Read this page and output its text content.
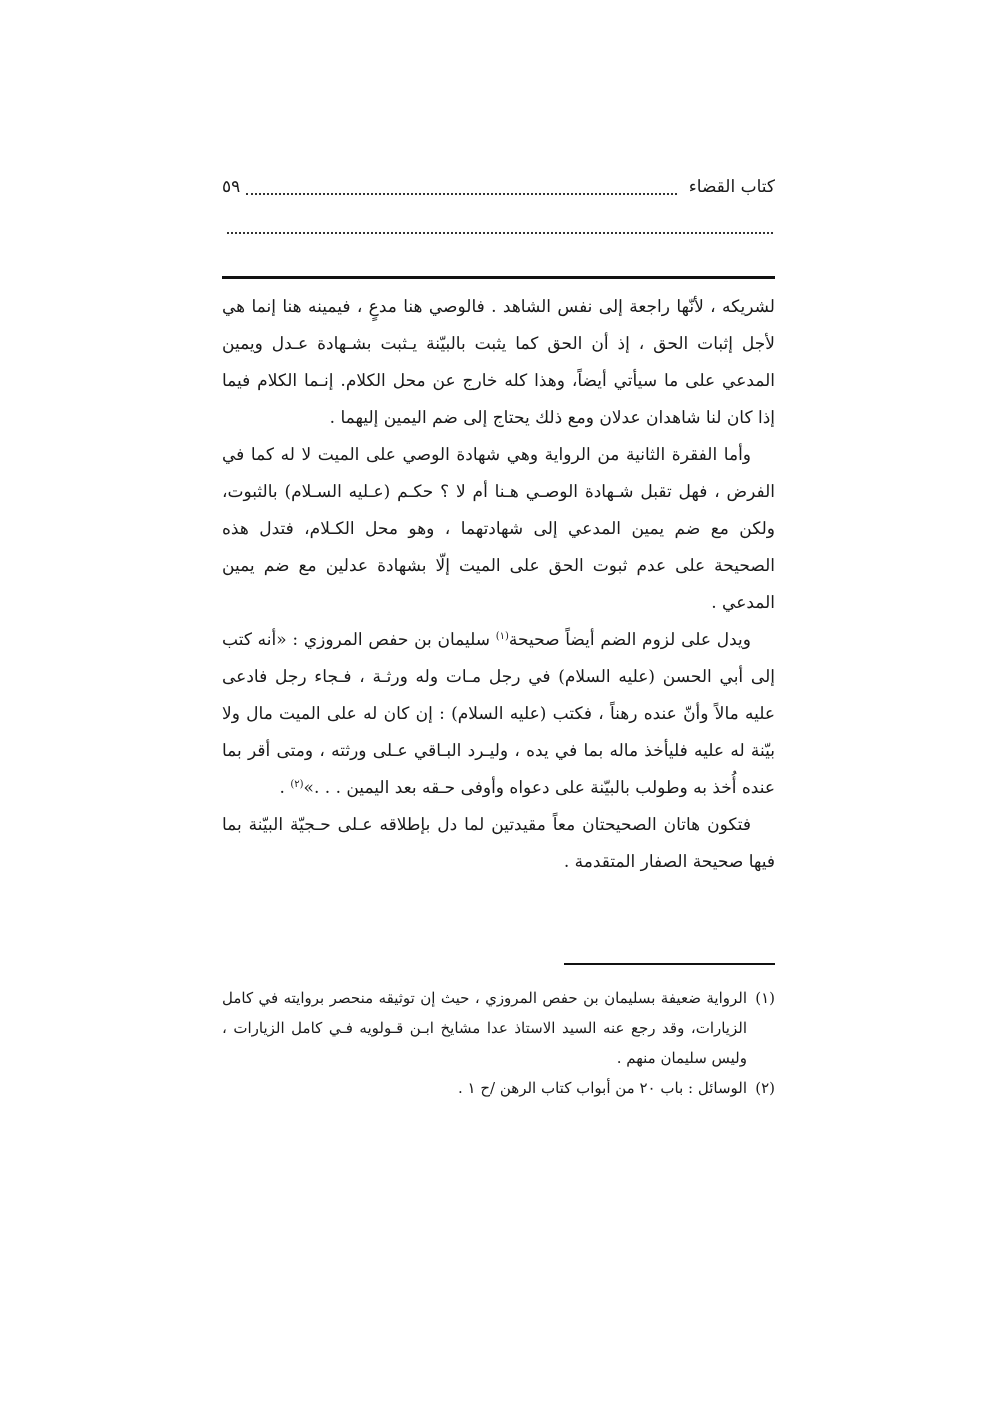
كتاب القضاء
٥٩

لشريكه ، لأنّها راجعة إلى نفس الشاهد . فالوصي هنا مدعٍ ، فيمينه هنا إنما هي لأجل إثبات الحق ، إذ أن الحق كما يثبت بالبيّنة يـثبت بشـهادة عـدل ويمين المدعي على ما سيأتي أيضاً، وهذا كله خارج عن محل الكلام. إنـما الكلام فيما إذا كان لنا شاهدان عدلان ومع ذلك يحتاج إلى ضم اليمين إليهما .

وأما الفقرة الثانية من الرواية وهي شهادة الوصي على الميت لا له كما في الفرض ، فهل تقبل شـهادة الوصـي هـنا أم لا ؟ حكـم (عـليه السـلام) بالثبوت، ولكن مع ضم يمين المدعي إلى شهادتهما ، وهو محل الكـلام، فتدل هذه الصحيحة على عدم ثبوت الحق على الميت إلّا بشهادة عدلين مع ضم يمين المدعي .

ويدل على لزوم الضم أيضاً صحيحة$^{(١)}$ سليمان بن حفص المروزي : «أنه كتب إلى أبي الحسن (عليه السلام) في رجل مـات وله ورثـة ، فـجاء رجل فادعى عليه مالاً وأنّ عنده رهناً ، فكتب (عليه السلام) : إن كان له على الميت مال ولا بيّنة له عليه فليأخذ ماله بما في يده ، وليـرد البـاقي عـلى ورثته ، ومتى أقر بما عنده أُخذ به وطولب بالبيّنة على دعواه وأوفى حـقه بعد اليمين . . .»$^{(٢)}$ .

فتكون هاتان الصحيحتان معاً مقيدتين لما دل بإطلاقه عـلى حـجيّة البيّنة بما فيها صحيحة الصفار المتقدمة .

(١)
الرواية ضعيفة بسليمان بن حفص المروزي ، حيث إن توثيقه منحصر بروايته في كامل الزيارات، وقد رجع عنه السيد الاستاذ عدا مشايخ ابـن قـولويه فـي كامل الزيارات ، وليس سليمان منهم .
(٢)
الوسائل : باب ٢٠ من أبواب كتاب الرهن /ح ١ .
